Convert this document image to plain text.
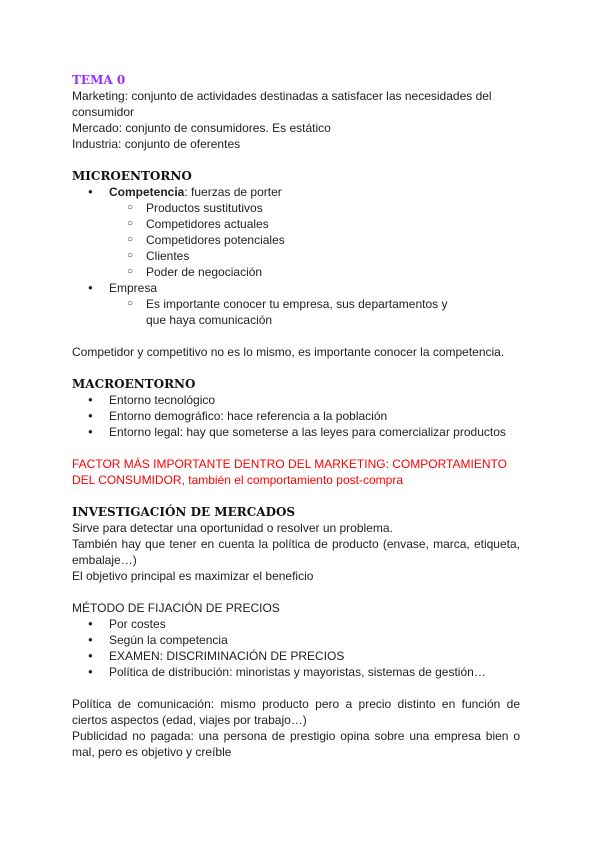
TEMA 0

Marketing: conjunto de actividades destinadas a satisfacer las necesidades del consumidor

Mercado: conjunto de consumidores. Es estático

Industria: conjunto de oferentes

MICROENTORNO

● Competencia: fuerzas de porter
○ Productos sustitutivos
○ Competidores actuales
○ Competidores potenciales
○ Clientes
○ Poder de negociación
● Empresa
○ Es importante conocer tu empresa, sus departamentos y que haya comunicación

Competidor y competitivo no es lo mismo, es importante conocer la competencia.

MACROENTORNO

● Entorno tecnológico
● Entorno demográfico: hace referencia a la población
● Entorno legal: hay que someterse a las leyes para comercializar productos

FACTOR MÁS IMPORTANTE DENTRO DEL MARKETING: COMPORTAMIENTO DEL CONSUMIDOR, también el comportamiento post-compra

INVESTIGACIÓN DE MERCADOS

Sirve para detectar una oportunidad o resolver un problema.

También hay que tener en cuenta la política de producto (envase, marca, etiqueta, embalaje…)

El objetivo principal es maximizar el beneficio

MÉTODO DE FIJACIÓN DE PRECIOS

● Por costes
● Según la competencia
● EXAMEN: DISCRIMINACIÓN DE PRECIOS
● Política de distribución: minoristas y mayoristas, sistemas de gestión…

Política de comunicación: mismo producto pero a precio distinto en función de ciertos aspectos (edad, viajes por trabajo…)

Publicidad no pagada: una persona de prestigio opina sobre una empresa bien o mal, pero es objetivo y creíble
